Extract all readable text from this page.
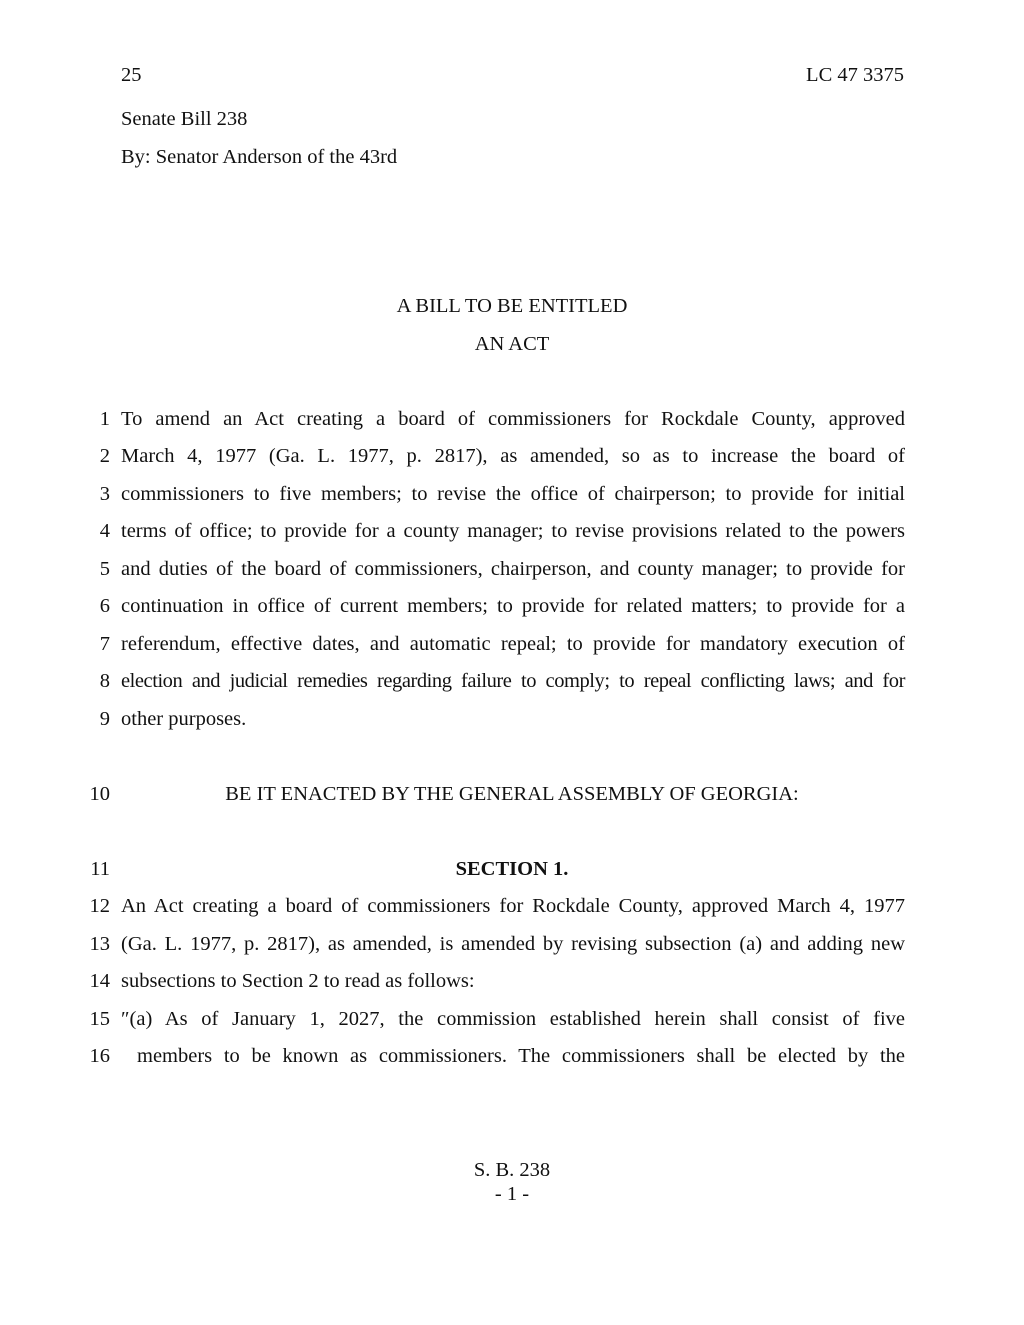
25	LC 47 3375
Senate Bill 238
By: Senator Anderson of the 43rd
A BILL TO BE ENTITLED
AN ACT
1 To amend an Act creating a board of commissioners for Rockdale County, approved
2 March 4, 1977 (Ga. L. 1977, p. 2817), as amended, so as to increase the board of
3 commissioners to five members; to revise the office of chairperson; to provide for initial
4 terms of office; to provide for a county manager; to revise provisions related to the powers
5 and duties of the board of commissioners, chairperson, and county manager; to provide for
6 continuation in office of current members; to provide for related matters; to provide for a
7 referendum, effective dates, and automatic repeal; to provide for mandatory execution of
8 election and judicial remedies regarding failure to comply; to repeal conflicting laws; and for
9 other purposes.
10	BE IT ENACTED BY THE GENERAL ASSEMBLY OF GEORGIA:
11	SECTION 1.
12 An Act creating a board of commissioners for Rockdale County, approved March 4, 1977
13 (Ga. L. 1977, p. 2817), as amended, is amended by revising subsection (a) and adding new
14 subsections to Section 2 to read as follows:
15 ″(a) As of January 1, 2027, the commission established herein shall consist of five
16 members to be known as commissioners. The commissioners shall be elected by the
S. B. 238
- 1 -
